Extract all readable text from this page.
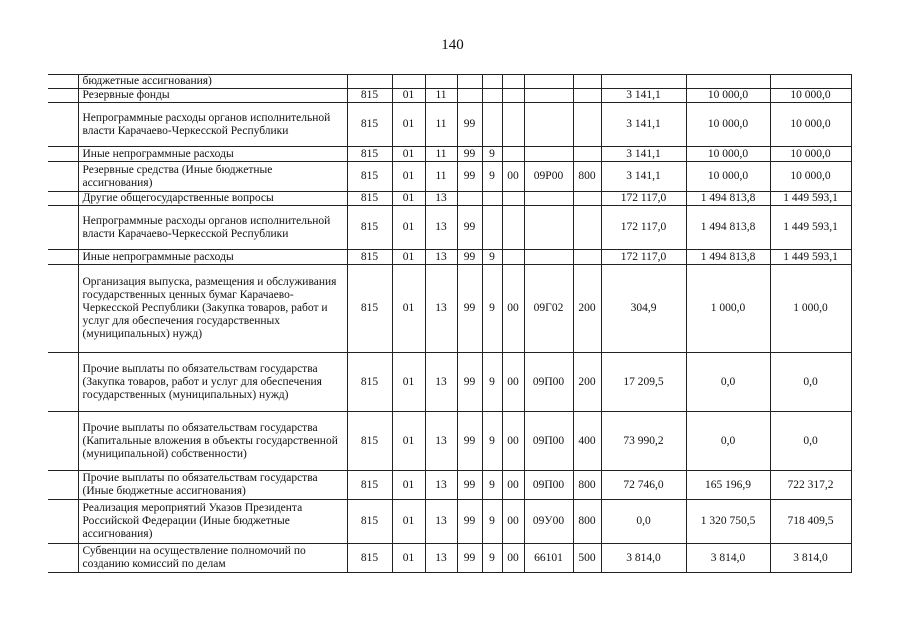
140
	бюджетные ассигнования)											
	Резервные фонды	815	01	11						3 141,1	10 000,0	10 000,0
	Непрограммные расходы органов исполнительной власти Карачаево-Черкесской Республики	815	01	11	99					3 141,1	10 000,0	10 000,0
	Иные непрограммные расходы	815	01	11	99	9				3 141,1	10 000,0	10 000,0
	Резервные средства (Иные бюджетные ассигнования)	815	01	11	99	9	00	09Р00	800	3 141,1	10 000,0	10 000,0
	Другие общегосударственные вопросы	815	01	13						172 117,0	1 494 813,8	1 449 593,1
	Непрограммные расходы органов исполнительной власти Карачаево-Черкесской Республики	815	01	13	99					172 117,0	1 494 813,8	1 449 593,1
	Иные непрограммные расходы	815	01	13	99	9				172 117,0	1 494 813,8	1 449 593,1
	Организация выпуска, размещения и обслуживания государственных ценных бумаг Карачаево-Черкесской Республики (Закупка товаров, работ и услуг для обеспечения государственных (муниципальных) нужд)	815	01	13	99	9	00	09Г02	200	304,9	1 000,0	1 000,0
	Прочие выплаты по обязательствам государства (Закупка товаров, работ и услуг для обеспечения государственных (муниципальных) нужд)	815	01	13	99	9	00	09П00	200	17 209,5	0,0	0,0
	Прочие выплаты по обязательствам государства (Капитальные вложения в объекты государственной (муниципальной) собственности)	815	01	13	99	9	00	09П00	400	73 990,2	0,0	0,0
	Прочие выплаты по обязательствам государства (Иные бюджетные ассигнования)	815	01	13	99	9	00	09П00	800	72 746,0	165 196,9	722 317,2
	Реализация мероприятий Указов Президента Российской Федерации (Иные бюджетные ассигнования)	815	01	13	99	9	00	09У00	800	0,0	1 320 750,5	718 409,5
	Субвенции на осуществление полномочий по созданию комиссий по делам	815	01	13	99	9	00	66101	500	3 814,0	3 814,0	3 814,0
